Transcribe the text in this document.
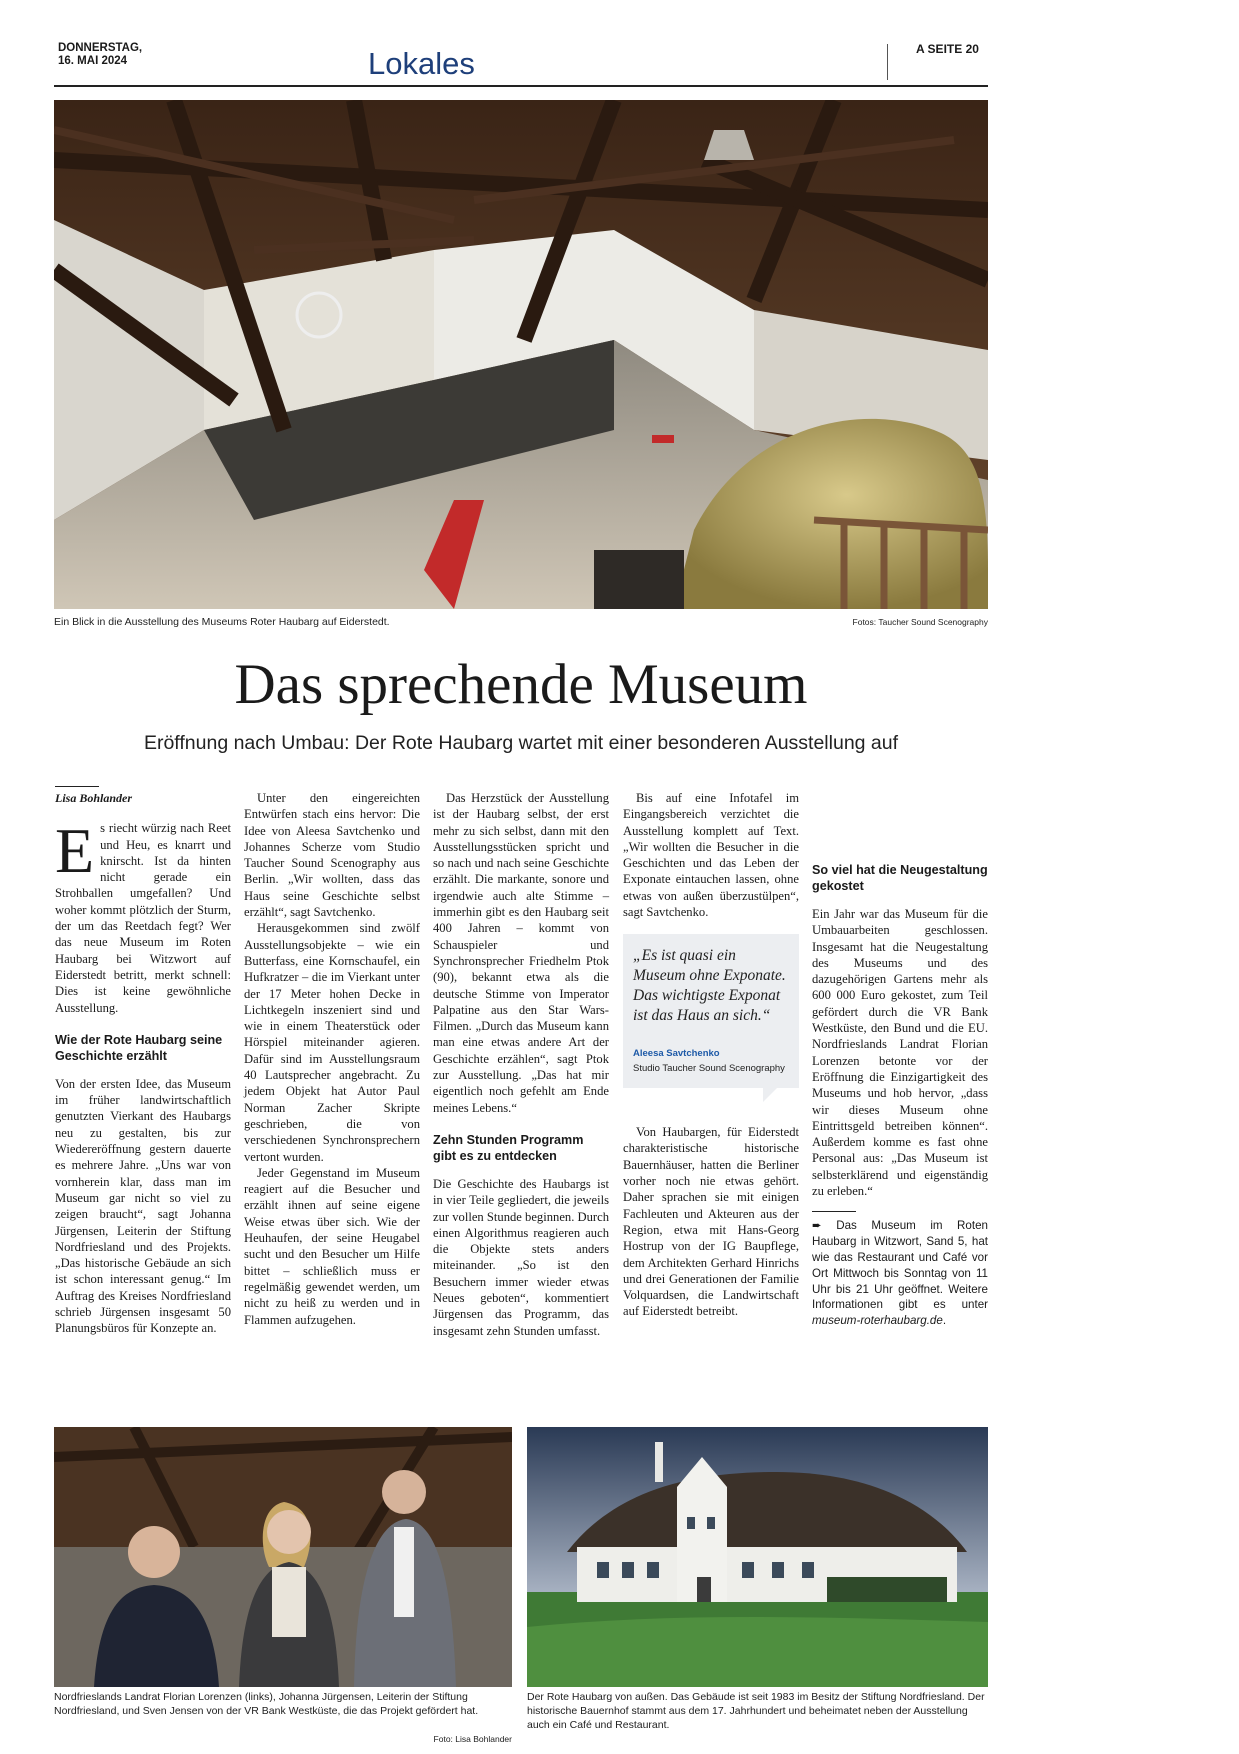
DONNERSTAG,
16. MAI 2024	Lokales	A SEITE 20
Ein Blick in die Ausstellung des Museums Roter Haubarg auf Eiderstedt.	Fotos: Taucher Sound Scenography
Das sprechende Museum
Eröffnung nach Umbau: Der Rote Haubarg wartet mit einer besonderen Ausstellung auf
Lisa Bohlander

Es riecht würzig nach Reet und Heu, es knarrt und knirscht. Ist da hinten nicht gerade ein Strohballen umgefallen? Und woher kommt plötzlich der Sturm, der um das Reetdach fegt? Wer das neue Museum im Roten Haubarg bei Witzwort auf Eiderstedt betritt, merkt schnell: Dies ist keine gewöhnliche Ausstellung.

Wie der Rote Haubarg seine Geschichte erzählt

Von der ersten Idee, das Museum im früher landwirtschaftlich genutzten Vierkant des Haubargs neu zu gestalten, bis zur Wiedereröffnung gestern dauerte es mehrere Jahre. „Uns war von vornherein klar, dass man im Museum gar nicht so viel zu zeigen braucht“, sagt Johanna Jürgensen, Leiterin der Stiftung Nordfriesland und des Projekts. „Das historische Gebäude an sich ist schon interessant genug.“ Im Auftrag des Kreises Nordfriesland schrieb Jürgensen insgesamt 50 Planungsbüros für Konzepte an.

Unter den eingereichten Entwürfen stach eins hervor: Die Idee von Aleesa Savtchenko und Johannes Scherze vom Studio Taucher Sound Scenography aus Berlin. „Wir wollten, dass das Haus seine Geschichte selbst erzählt“, sagt Savtchenko.

Herausgekommen sind zwölf Ausstellungsobjekte – wie ein Butterfass, eine Kornschaufel, ein Hufkratzer – die im Vierkant unter der 17 Meter hohen Decke in Lichtkegeln inszeniert sind und wie in einem Theaterstück oder Hörspiel miteinander agieren. Dafür sind im Ausstellungsraum 40 Lautsprecher angebracht. Zu jedem Objekt hat Autor Paul Norman Zacher Skripte geschrieben, die von verschiedenen Synchronsprechern vertont wurden.

Jeder Gegenstand im Museum reagiert auf die Besucher und erzählt ihnen auf seine eigene Weise etwas über sich. Wie der Heuhaufen, der seine Heugabel sucht und den Besucher um Hilfe bittet – schließlich muss er regelmäßig gewendet werden, um nicht zu heiß zu werden und in Flammen aufzugehen.

Das Herzstück der Ausstellung ist der Haubarg selbst, der erst mehr zu sich selbst, dann mit den Ausstellungsstücken spricht und so nach und nach seine Geschichte erzählt. Die markante, sonore und irgendwie auch alte Stimme – immerhin gibt es den Haubarg seit 400 Jahren – kommt von Schauspieler und Synchronsprecher Friedhelm Ptok (90), bekannt etwa als die deutsche Stimme von Imperator Palpatine aus den Star Wars-Filmen. „Durch das Museum kann man eine etwas andere Art der Geschichte erzählen“, sagt Ptok zur Ausstellung. „Das hat mir eigentlich noch gefehlt am Ende meines Lebens.“

Zehn Stunden Programm gibt es zu entdecken

Die Geschichte des Haubargs ist in vier Teile gegliedert, die jeweils zur vollen Stunde beginnen. Durch einen Algorithmus reagieren auch die Objekte stets anders miteinander. „So ist den Besuchern immer wieder etwas Neues geboten“, kommentiert Jürgensen das Programm, das insgesamt zehn Stunden umfasst.

Bis auf eine Infotafel im Eingangsbereich verzichtet die Ausstellung komplett auf Text. „Wir wollten die Besucher in die Geschichten und das Leben der Exponate eintauchen lassen, ohne etwas von außen überzustülpen“, sagt Savtchenko.

„Es ist quasi ein Museum ohne Exponate. Das wichtigste Exponat ist das Haus an sich.“
Aleesa Savtchenko
Studio Taucher Sound Scenography

Von Haubargen, für Eiderstedt charakteristische historische Bauernhäuser, hatten die Berliner vorher noch nie etwas gehört. Daher sprachen sie mit einigen Fachleuten und Akteuren aus der Region, etwa mit Hans-Georg Hostrup von der IG Baupflege, dem Architekten Gerhard Hinrichs und drei Generationen der Familie Volquardsen, die Landwirtschaft auf Eiderstedt betreibt.

So viel hat die Neugestaltung gekostet

Ein Jahr war das Museum für die Umbauarbeiten geschlossen. Insgesamt hat die Neugestaltung des Museums und des dazugehörigen Gartens mehr als 600 000 Euro gekostet, zum Teil gefördert durch die VR Bank Westküste, den Bund und die EU. Nordfrieslands Landrat Florian Lorenzen betonte vor der Eröffnung die Einzigartigkeit des Museums und hob hervor, „dass wir dieses Museum ohne Eintrittsgeld betreiben können“. Außerdem komme es fast ohne Personal aus: „Das Museum ist selbsterklärend und eigenständig zu erleben.“

➨ Das Museum im Roten Haubarg in Witzwort, Sand 5, hat wie das Restaurant und Café vor Ort Mittwoch bis Sonntag von 11 Uhr bis 21 Uhr geöffnet. Weitere Informationen gibt es unter museum-roterhaubarg.de.
Nordfrieslands Landrat Florian Lorenzen (links), Johanna Jürgensen, Leiterin der Stiftung Nordfriesland, und Sven Jensen von der VR Bank Westküste, die das Projekt gefördert hat.
Foto: Lisa Bohlander
Der Rote Haubarg von außen. Das Gebäude ist seit 1983 im Besitz der Stiftung Nordfriesland. Der historische Bauernhof stammt aus dem 17. Jahrhundert und beheimatet neben der Ausstellung auch ein Café und Restaurant.
